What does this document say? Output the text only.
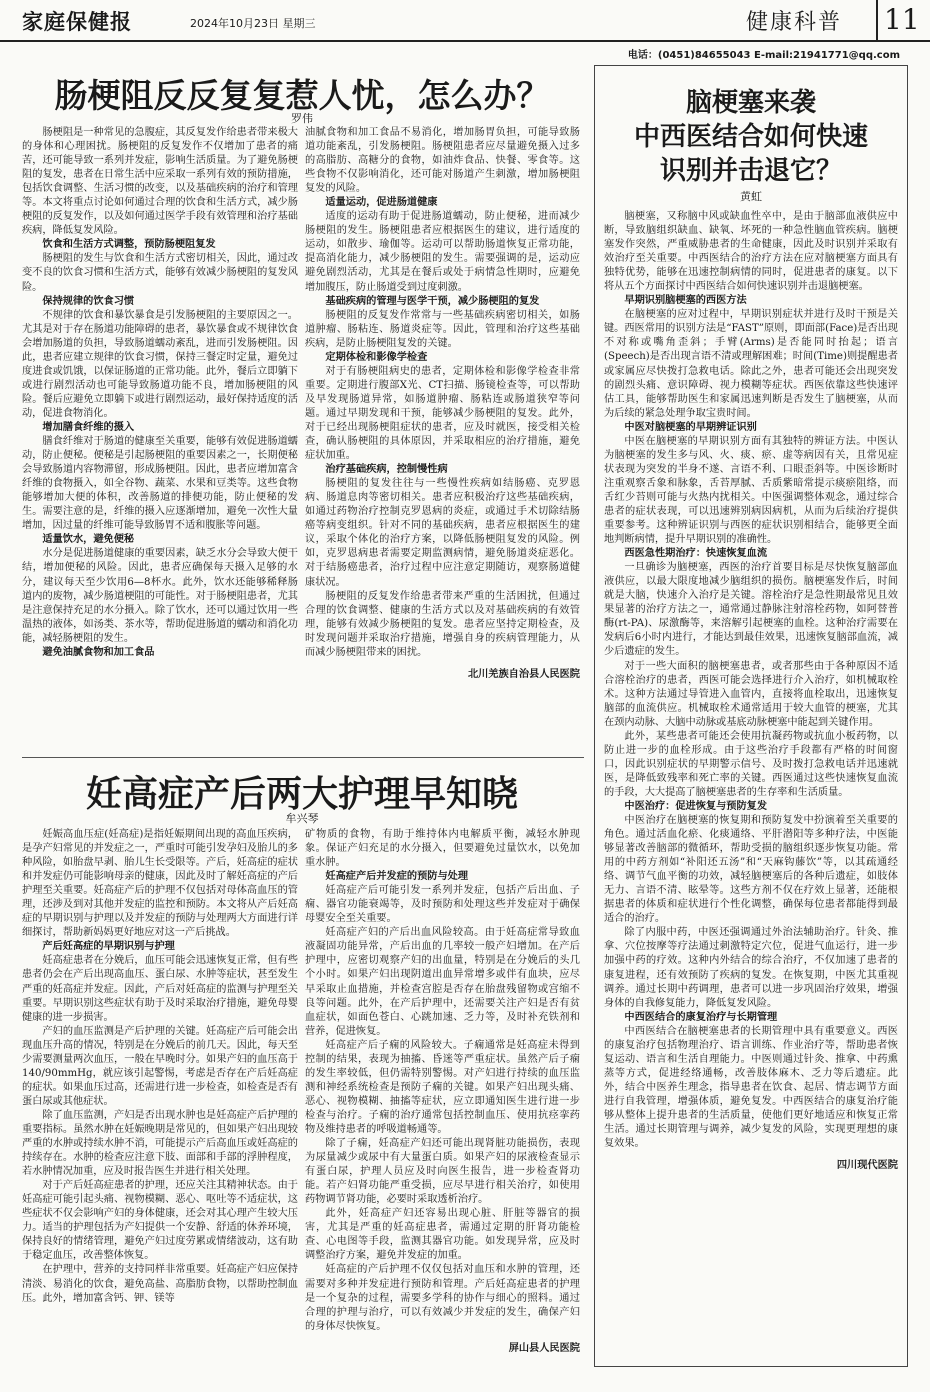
家庭保健报	2024年10月23日 星期三	健康科普 11
电话：(0451)84655043 E-mail:21941771@qq.com
肠梗阻反反复复惹人忧，怎么办？
罗伟

肠梗阻是一种常见的急腹症，其反复发作给患者带来极大的身体和心理困扰。肠梗阻的反复发作不仅增加了患者的痛苦，还可能导致一系列并发症，影响生活质量。为了避免肠梗阻的复发，患者在日常生活中应采取一系列有效的预防措施，包括饮食调整、生活习惯的改变，以及基础疾病的治疗和管理等。本文将重点讨论如何通过合理的饮食和生活方式，减少肠梗阻的反复发作，以及如何通过医学手段有效管理和治疗基础疾病，降低复发风险。

饮食和生活方式调整，预防肠梗阻复发

肠梗阻的发生与饮食和生活方式密切相关，因此，通过改变不良的饮食习惯和生活方式，能够有效减少肠梗阻的复发风险。

保持规律的饮食习惯

不规律的饮食和暴饮暴食是引发肠梗阻的主要原因之一。尤其是对于存在肠道功能障碍的患者，暴饮暴食或不规律饮食会增加肠道的负担，导致肠道蠕动紊乱，进而引发肠梗阻。因此，患者应建立规律的饮食习惯，保持三餐定时定量，避免过度进食或饥饿，以保证肠道的正常功能。此外，餐后立即躺下或进行剧烈活动也可能导致肠道功能不良，增加肠梗阻的风险。餐后应避免立即躺下或进行剧烈运动，最好保持适度的活动，促进食物消化。

增加膳食纤维的摄入

膳食纤维对于肠道的健康至关重要，能够有效促进肠道蠕动，防止便秘。便秘是引起肠梗阻的重要因素之一，长期便秘会导致肠道内容物滞留，形成肠梗阻。因此，患者应增加富含纤维的食物摄入，如全谷物、蔬菜、水果和豆类等。这些食物能够增加大便的体积，改善肠道的排便功能，防止便秘的发生。需要注意的是，纤维的摄入应逐渐增加，避免一次性大量增加，因过量的纤维可能导致肠胃不适和腹胀等问题。

适量饮水，避免便秘

水分是促进肠道健康的重要因素，缺乏水分会导致大便干结，增加便秘的风险。因此，患者应确保每天摄入足够的水分，建议每天至少饮用6—8杯水。此外，饮水还能够稀释肠道内的废物，减少肠道梗阻的可能性。对于肠梗阻患者，尤其是注意保持充足的水分摄入。除了饮水，还可以通过饮用一些温热的液体，如汤类、茶水等，帮助促进肠道的蠕动和消化功能，减轻肠梗阻的发生。

避免油腻食物和加工食品

油腻食物和加工食品不易消化，增加肠胃负担，可能导致肠道功能紊乱，引发肠梗阻。肠梗阻患者应尽量避免摄入过多的高脂肪、高糖分的食物，如油炸食品、快餐、零食等。这些食物不仅影响消化，还可能对肠道产生刺激，增加肠梗阻复发的风险。

适量运动，促进肠道健康

适度的运动有助于促进肠道蠕动，防止便秘，进而减少肠梗阻的发生。肠梗阻患者应根据医生的建议，进行适度的运动，如散步、瑜伽等。运动可以帮助肠道恢复正常功能，提高消化能力，减少肠梗阻的发生。需要强调的是，运动应避免剧烈活动，尤其是在餐后或处于病情急性期时，应避免增加腹压，防止肠道受到过度刺激。

基础疾病的管理与医学干预，减少肠梗阻的复发

肠梗阻的反复发作常常与一些基础疾病密切相关，如肠道肿瘤、肠粘连、肠道炎症等。因此，管理和治疗这些基础疾病，是防止肠梗阻复发的关键。

定期体检和影像学检查

对于有肠梗阻病史的患者，定期体检和影像学检查非常重要。定期进行腹部X光、CT扫描、肠镜检查等，可以帮助及早发现肠道异常，如肠道肿瘤、肠粘连或肠道狭窄等问题。通过早期发现和干预，能够减少肠梗阻的复发。此外，对于已经出现肠梗阻症状的患者，应及时就医，接受相关检查，确认肠梗阻的具体原因，并采取相应的治疗措施，避免症状加重。

治疗基础疾病，控制慢性病

肠梗阻的复发往往与一些慢性疾病如结肠癌、克罗恩病、肠道息肉等密切相关。患者应积极治疗这些基础疾病，如通过药物治疗控制克罗恩病的炎症，或通过手术切除结肠癌等病变组织。针对不同的基础疾病，患者应根据医生的建议，采取个体化的治疗方案，以降低肠梗阻复发的风险。例如，克罗恩病患者需要定期监测病情，避免肠道炎症恶化。对于结肠癌患者，治疗过程中应注意定期随访，观察肠道健康状况。

肠梗阻的反复发作给患者带来严重的生活困扰，但通过合理的饮食调整、健康的生活方式以及对基础疾病的有效管理，能够有效减少肠梗阻的复发。患者应坚持定期检查，及时发现问题并采取治疗措施，增强自身的疾病管理能力，从而减少肠梗阻带来的困扰。

北川羌族自治县人民医院

妊高症产后两大护理早知晓
牟兴琴

妊娠高血压症(妊高症)是指妊娠期间出现的高血压疾病，是孕产妇常见的并发症之一，严重时可能引发孕妇及胎儿的多种风险，如胎盘早剥、胎儿生长受限等。产后，妊高症的症状和并发症仍可能影响母亲的健康，因此及时了解妊高症的产后护理至关重要。妊高症产后的护理不仅包括对母体高血压的管理，还涉及到对其他并发症的监控和预防。本文将从产后妊高症的早期识别与护理以及并发症的预防与处理两大方面进行详细探讨，帮助新妈妈更好地应对这一产后挑战。

产后妊高症的早期识别与护理

妊高症患者在分娩后，血压可能会迅速恢复正常，但有些患者仍会在产后出现高血压、蛋白尿、水肿等症状，甚至发生严重的妊高症并发症。因此，产后对妊高症的监测与护理至关重要。早期识别这些症状有助于及时采取治疗措施，避免母婴健康的进一步损害。

产妇的血压监测是产后护理的关键。妊高症产后可能会出现血压升高的情况，特别是在分娩后的前几天。因此，每天至少需要测量两次血压，一般在早晚时分。如果产妇的血压高于140/90mmHg，就应该引起警惕，考虑是否存在产后妊高症的症状。如果血压过高，还需进行进一步检查，如检查是否有蛋白尿或其他症状。

除了血压监测，产妇是否出现水肿也是妊高症产后护理的重要指标。虽然水肿在妊娠晚期是常见的，但如果产妇出现较严重的水肿或持续水肿不消，可能提示产后高血压或妊高症的持续存在。水肿的检查应注意下肢、面部和手部的浮肿程度，若水肿情况加重，应及时报告医生并进行相关处理。

对于产后妊高症患者的护理，还应关注其精神状态。由于妊高症可能引起头痛、视物模糊、恶心、呕吐等不适症状，这些症状不仅会影响产妇的身体健康，还会对其心理产生较大压力。适当的护理包括为产妇提供一个安静、舒适的休养环境，保持良好的情绪管理，避免产妇过度劳累或情绪波动，这有助于稳定血压，改善整体恢复。

在护理中，营养的支持同样非常重要。妊高症产妇应保持清淡、易消化的饮食，避免高盐、高脂肪食物，以帮助控制血压。此外，增加富含钙、钾、镁等

矿物质的食物，有助于维持体内电解质平衡，减轻水肿现象。保证产妇充足的水分摄入，但要避免过量饮水，以免加重水肿。

妊高症产后并发症的预防与处理

妊高症产后可能引发一系列并发症，包括产后出血、子痫、器官功能衰竭等，及时预防和处理这些并发症对于确保母婴安全至关重要。

妊高症产妇的产后出血风险较高。由于妊高症常导致血液凝固功能异常，产后出血的几率较一般产妇增加。在产后护理中，应密切观察产妇的出血量，特别是在分娩后的头几个小时。如果产妇出现阴道出血异常增多或伴有血块，应尽早采取止血措施，并检查宫腔是否存在胎盘残留物或宫缩不良等问题。此外，在产后护理中，还需要关注产妇是否有贫血症状，如面色苍白、心跳加速、乏力等，及时补充铁剂和营养，促进恢复。

妊高症产后子痫的风险较大。子痫通常是妊高症未得到控制的结果，表现为抽搐、昏迷等严重症状。虽然产后子痫的发生率较低，但仍需特别警惕。对产妇进行持续的血压监测和神经系统检查是预防子痫的关键。如果产妇出现头痛、恶心、视物模糊、抽搐等症状，应立即通知医生进行进一步检查与治疗。子痫的治疗通常包括控制血压、使用抗痉挛药物及维持患者的呼吸道畅通等。

除了子痫，妊高症产妇还可能出现肾脏功能损伤，表现为尿量减少或尿中有大量蛋白质。如果产妇的尿液检查显示有蛋白尿，护理人员应及时向医生报告，进一步检查肾功能。若产妇肾功能严重受损，应尽早进行相关治疗，如使用药物调节肾功能，必要时采取透析治疗。

此外，妊高症产妇还容易出现心脏、肝脏等器官的损害，尤其是严重的妊高症患者，需通过定期的肝肾功能检查、心电图等手段，监测其器官功能。如发现异常，应及时调整治疗方案，避免并发症的加重。

妊高症的产后护理不仅仅包括对血压和水肿的管理，还需要对多种并发症进行预防和管理。产后妊高症患者的护理是一个复杂的过程，需要多学科的协作与细心的照料。通过合理的护理与治疗，可以有效减少并发症的发生，确保产妇的身体尽快恢复。

屏山县人民医院

脑梗塞来袭
中西医结合如何快速
识别并击退它？
黄虹

脑梗塞，又称脑中风或缺血性卒中，是由于脑部血液供应中断，导致脑组织缺血、缺氧、坏死的一种急性脑血管疾病。脑梗塞发作突然，严重威胁患者的生命健康，因此及时识别并采取有效治疗至关重要。中西医结合的治疗方法在应对脑梗塞方面具有独特优势，能够在迅速控制病情的同时，促进患者的康复。以下将从五个方面探讨中西医结合如何快速识别并击退脑梗塞。

早期识别脑梗塞的西医方法

在脑梗塞的应对过程中，早期识别症状并进行及时干预是关键。西医常用的识别方法是“FAST”原则，即面部(Face)是否出现不对称或嘴角歪斜；手臂(Arms)是否能同时抬起；语言(Speech)是否出现言语不清或理解困难；时间(Time)则提醒患者或家属应尽快拨打急救电话。除此之外，患者可能还会出现突发的剧烈头痛、意识障碍、视力模糊等症状。西医依靠这些快速评估工具，能够帮助医生和家属迅速判断是否发生了脑梗塞，从而为后续的紧急处理争取宝贵时间。

中医对脑梗塞的早期辨证识别

中医在脑梗塞的早期识别方面有其独特的辨证方法。中医认为脑梗塞的发生多与风、火、痰、瘀、虚等病因有关，且常见症状表现为突发的半身不遂、言语不利、口眼歪斜等。中医诊断时注重观察舌象和脉象，舌苔厚腻、舌质紫暗常提示痰瘀阻络，而舌红少苔则可能与火热内扰相关。中医强调整体观念，通过综合患者的症状表现，可以迅速辨别病因病机，从而为后续治疗提供重要参考。这种辨证识别与西医的症状识别相结合，能够更全面地判断病情，提升早期识别的准确性。

西医急性期治疗：快速恢复血流

一旦确诊为脑梗塞，西医的治疗首要目标是尽快恢复脑部血液供应，以最大限度地减少脑组织的损伤。脑梗塞发作后，时间就是大脑，快速介入治疗是关键。溶栓治疗是急性期最常见且效果显著的治疗方法之一，通常通过静脉注射溶栓药物，如阿替普酶(rt-PA)、尿激酶等，来溶解引起梗塞的血栓。这种治疗需要在发病后6小时内进行，才能达到最佳效果，迅速恢复脑部血流，减少后遗症的发生。

对于一些大面积的脑梗塞患者，或者那些由于各种原因不适合溶栓治疗的患者，西医可能会选择进行介入治疗，如机械取栓术。这种方法通过导管进入血管内，直接将血栓取出，迅速恢复脑部的血流供应。机械取栓术通常适用于较大血管的梗塞，尤其在颈内动脉、大脑中动脉或基底动脉梗塞中能起到关键作用。

此外，某些患者可能还会使用抗凝药物或抗血小板药物，以防止进一步的血栓形成。由于这些治疗手段都有严格的时间窗口，因此识别症状的早期警示信号、及时拨打急救电话并迅速就医，是降低致残率和死亡率的关键。西医通过这些快速恢复血流的手段，大大提高了脑梗塞患者的生存率和生活质量。

中医治疗：促进恢复与预防复发

中医治疗在脑梗塞的恢复期和预防复发中扮演着至关重要的角色。通过活血化瘀、化痰通络、平肝潜阳等多种疗法，中医能够显著改善脑部的微循环，帮助受损的脑组织逐步恢复功能。常用的中药方剂如“补阳还五汤”和“天麻钩藤饮”等，以其疏通经络、调节气血平衡的功效，减轻脑梗塞后的各种后遗症，如肢体无力、言语不清、眩晕等。这些方剂不仅在疗效上显著，还能根据患者的体质和症状进行个性化调整，确保每位患者都能得到最适合的治疗。

除了内服中药，中医还强调通过外治法辅助治疗。针灸、推拿、穴位按摩等疗法通过刺激特定穴位，促进气血运行，进一步加强中药的疗效。这种内外结合的综合治疗，不仅加速了患者的康复进程，还有效预防了疾病的复发。在恢复期，中医尤其重视调养。通过长期中药调理，患者可以进一步巩固治疗效果，增强身体的自我修复能力，降低复发风险。

中西医结合的康复治疗与长期管理

中西医结合在脑梗塞患者的长期管理中具有重要意义。西医的康复治疗包括物理治疗、语言训练、作业治疗等，帮助患者恢复运动、语言和生活自理能力。中医则通过针灸、推拿、中药熏蒸等方式，促进经络通畅，改善肢体麻木、乏力等后遗症。此外，结合中医养生理念，指导患者在饮食、起居、情志调节方面进行自我管理，增强体质，避免复发。中西医结合的康复治疗能够从整体上提升患者的生活质量，使他们更好地适应和恢复正常生活。通过长期管理与调养，减少复发的风险，实现更理想的康复效果。

四川现代医院
